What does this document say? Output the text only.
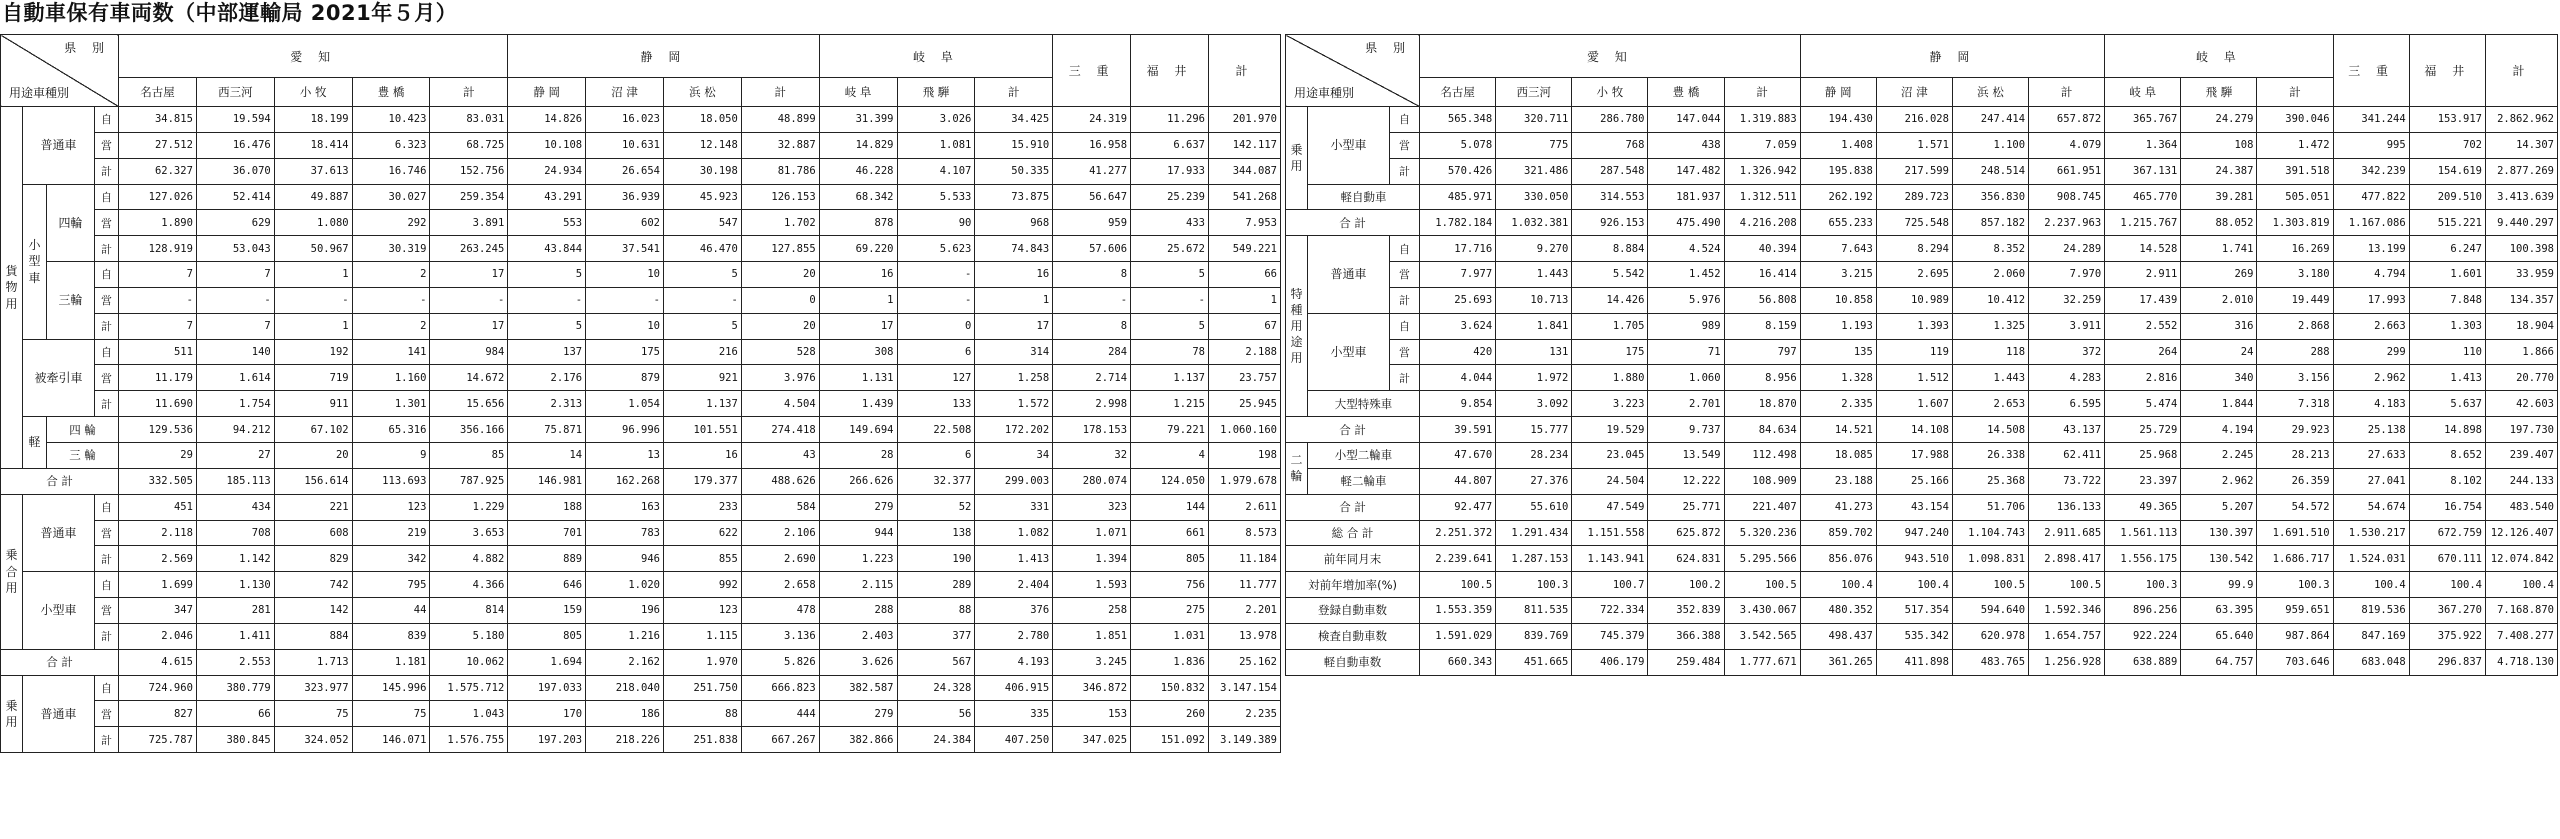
自動車保有車両数（中部運輸局 2021年５月）
県 別
用途車種別				愛 知					静 岡				岐 阜			三 重	福 井	計
				名古屋	西三河	小 牧	豊 橋	計	静 岡	沼 津	浜 松	計	岐 阜	飛 騨	計			
貨物用	普通車		自	34.815	19.594	18.199	10.423	83.031	14.826	16.023	18.050	48.899	31.399	3.026	34.425	24.319	11.296	201.970
			営	27.512	16.476	18.414	6.323	68.725	10.108	10.631	12.148	32.887	14.829	1.081	15.910	16.958	6.637	142.117
			計	62.327	36.070	37.613	16.746	152.756	24.934	26.654	30.198	81.786	46.228	4.107	50.335	41.277	17.933	344.087
	小型車	四輪	自	127.026	52.414	49.887	30.027	259.354	43.291	36.939	45.923	126.153	68.342	5.533	73.875	56.647	25.239	541.268
			営	1.890	629	1.080	292	3.891	553	602	547	1.702	878	90	968	959	433	7.953
			計	128.919	53.043	50.967	30.319	263.245	43.844	37.541	46.470	127.855	69.220	5.623	74.843	57.606	25.672	549.221
		三輪	自	7	7	1	2	17	5	10	5	20	16	-	16	8	5	66
			営	-	-	-	-	-	-	-	-	0	1	-	1	-	-	1
			計	7	7	1	2	17	5	10	5	20	17	0	17	8	5	67
	被牽引車		自	511	140	192	141	984	137	175	216	528	308	6	314	284	78	2.188
			営	11.179	1.614	719	1.160	14.672	2.176	879	921	3.976	1.131	127	1.258	2.714	1.137	23.757
			計	11.690	1.754	911	1.301	15.656	2.313	1.054	1.137	4.504	1.439	133	1.572	2.998	1.215	25.945
	軽	四 輪		129.536	94.212	67.102	65.316	356.166	75.871	96.996	101.551	274.418	149.694	22.508	172.202	178.153	79.221	1.060.160
		三 輪		29	27	20	9	85	14	13	16	43	28	6	34	32	4	198
合 計				332.505	185.113	156.614	113.693	787.925	146.981	162.268	179.377	488.626	266.626	32.377	299.003	280.074	124.050	1.979.678
乗合用	普通車		自	451	434	221	123	1.229	188	163	233	584	279	52	331	323	144	2.611
			営	2.118	708	608	219	3.653	701	783	622	2.106	944	138	1.082	1.071	661	8.573
			計	2.569	1.142	829	342	4.882	889	946	855	2.690	1.223	190	1.413	1.394	805	11.184
	小型車		自	1.699	1.130	742	795	4.366	646	1.020	992	2.658	2.115	289	2.404	1.593	756	11.777
			営	347	281	142	44	814	159	196	123	478	288	88	376	258	275	2.201
			計	2.046	1.411	884	839	5.180	805	1.216	1.115	3.136	2.403	377	2.780	1.851	1.031	13.978
合 計				4.615	2.553	1.713	1.181	10.062	1.694	2.162	1.970	5.826	3.626	567	4.193	3.245	1.836	25.162
乗用	普通車		自	724.960	380.779	323.977	145.996	1.575.712	197.033	218.040	251.750	666.823	382.587	24.328	406.915	346.872	150.832	3.147.154
			営	827	66	75	75	1.043	170	186	88	444	279	56	335	153	260	2.235
			計	725.787	380.845	324.052	146.071	1.576.755	197.203	218.226	251.838	667.267	382.866	24.384	407.250	347.025	151.092	3.149.389
県 別
用途車種別			愛 知					静 岡				岐 阜			三 重	福 井	計
			名古屋	西三河	小 牧	豊 橋	計	静 岡	沼 津	浜 松	計	岐 阜	飛 騨	計			
乗用	小型車	自	565.348	320.711	286.780	147.044	1.319.883	194.430	216.028	247.414	657.872	365.767	24.279	390.046	341.244	153.917	2.862.962
		営	5.078	775	768	438	7.059	1.408	1.571	1.100	4.079	1.364	108	1.472	995	702	14.307
		計	570.426	321.486	287.548	147.482	1.326.942	195.838	217.599	248.514	661.951	367.131	24.387	391.518	342.239	154.619	2.877.269
	軽自動車		485.971	330.050	314.553	181.937	1.312.511	262.192	289.723	356.830	908.745	465.770	39.281	505.051	477.822	209.510	3.413.639
合 計			1.782.184	1.032.381	926.153	475.490	4.216.208	655.233	725.548	857.182	2.237.963	1.215.767	88.052	1.303.819	1.167.086	515.221	9.440.297
特種用途用	普通車	自	17.716	9.270	8.884	4.524	40.394	7.643	8.294	8.352	24.289	14.528	1.741	16.269	13.199	6.247	100.398
		営	7.977	1.443	5.542	1.452	16.414	3.215	2.695	2.060	7.970	2.911	269	3.180	4.794	1.601	33.959
		計	25.693	10.713	14.426	5.976	56.808	10.858	10.989	10.412	32.259	17.439	2.010	19.449	17.993	7.848	134.357
	小型車	自	3.624	1.841	1.705	989	8.159	1.193	1.393	1.325	3.911	2.552	316	2.868	2.663	1.303	18.904
		営	420	131	175	71	797	135	119	118	372	264	24	288	299	110	1.866
		計	4.044	1.972	1.880	1.060	8.956	1.328	1.512	1.443	4.283	2.816	340	3.156	2.962	1.413	20.770
	大型特殊車		9.854	3.092	3.223	2.701	18.870	2.335	1.607	2.653	6.595	5.474	1.844	7.318	4.183	5.637	42.603
合 計			39.591	15.777	19.529	9.737	84.634	14.521	14.108	14.508	43.137	25.729	4.194	29.923	25.138	14.898	197.730
二輪	小型二輪車		47.670	28.234	23.045	13.549	112.498	18.085	17.988	26.338	62.411	25.968	2.245	28.213	27.633	8.652	239.407
	軽二輪車		44.807	27.376	24.504	12.222	108.909	23.188	25.166	25.368	73.722	23.397	2.962	26.359	27.041	8.102	244.133
合 計			92.477	55.610	47.549	25.771	221.407	41.273	43.154	51.706	136.133	49.365	5.207	54.572	54.674	16.754	483.540
総 合 計			2.251.372	1.291.434	1.151.558	625.872	5.320.236	859.702	947.240	1.104.743	2.911.685	1.561.113	130.397	1.691.510	1.530.217	672.759	12.126.407
前年同月末			2.239.641	1.287.153	1.143.941	624.831	5.295.566	856.076	943.510	1.098.831	2.898.417	1.556.175	130.542	1.686.717	1.524.031	670.111	12.074.842
対前年増加率(%)			100.5	100.3	100.7	100.2	100.5	100.4	100.4	100.5	100.5	100.3	99.9	100.3	100.4	100.4	100.4
登録自動車数			1.553.359	811.535	722.334	352.839	3.430.067	480.352	517.354	594.640	1.592.346	896.256	63.395	959.651	819.536	367.270	7.168.870
検査自動車数			1.591.029	839.769	745.379	366.388	3.542.565	498.437	535.342	620.978	1.654.757	922.224	65.640	987.864	847.169	375.922	7.408.277
軽自動車数			660.343	451.665	406.179	259.484	1.777.671	361.265	411.898	483.765	1.256.928	638.889	64.757	703.646	683.048	296.837	4.718.130
